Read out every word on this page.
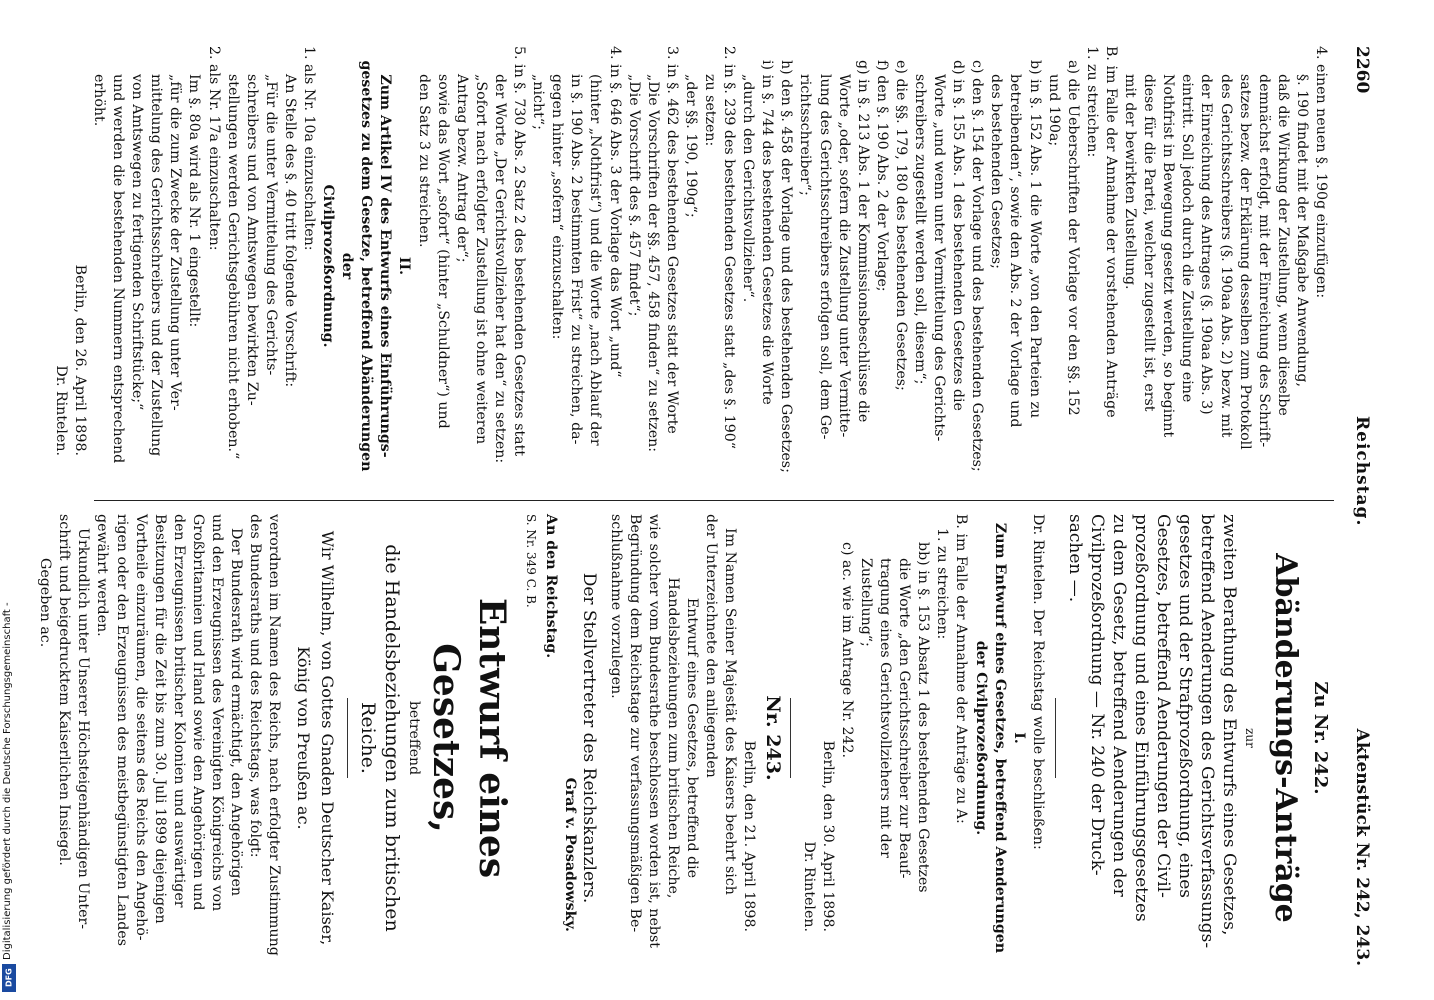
2260
Reichstag.
Aktenstück Nr. 242, 243.

4. einen neuen §. 190g einzufügen:

§. 190 findet mit der Maßgabe Anwendung,

daß die Wirkung der Zustellung, wenn dieselbe

demnächst erfolgt, mit der Einreichung des Schrift-

satzes bezw. der Erklärung desselben zum Protokoll

des Gerichtsschreibers (§. 190aa Abs. 2) bezw. mit

der Einreichung des Antrages (§. 190aa Abs. 3)

eintritt. Soll jedoch durch die Zustellung eine

Nothfrist in Bewegung gesetzt werden, so beginnt

diese für die Partei, welcher zugestellt ist, erst

mit der bewirkten Zustellung.

B. im Falle der Annahme der vorstehenden Anträge

1. zu streichen:

a) die Ueberschriften der Vorlage vor den §§. 152

und 190a;

b) in §. 152 Abs. 1 die Worte „von den Parteien zu

betreibenden“, sowie den Abs. 2 der Vorlage und

des bestehenden Gesetzes;

c) den §. 154 der Vorlage und des bestehenden Gesetzes;

d) in §. 155 Abs. 1 des bestehenden Gesetzes die

Worte „und wenn unter Vermittelung des Gerichts-

schreibers zugestellt werden soll, diesem“;

e) die §§. 179, 180 des bestehenden Gesetzes;

f) den §. 190 Abs. 2 der Vorlage;

g) in §. 213 Abs. 1 der Kommissionsbeschlüsse die

Worte „oder, sofern die Zustellung unter Vermitte-

lung des Gerichtsschreibers erfolgen soll, dem Ge-

richtsschreiber“;

h) den §. 458 der Vorlage und des bestehenden Gesetzes;

i) in §. 744 des bestehenden Gesetzes die Worte

„durch den Gerichtsvollzieher“.

2. in §. 239 des bestehenden Gesetzes statt „des §. 190“

zu setzen:

„der §§. 190, 190g“;

3. in §. 462 des bestehenden Gesetzes statt der Worte

„Die Vorschriften der §§. 457, 458 finden“ zu setzen:

„Die Vorschrift des §. 457 findet“;

4. in §. 646 Abs. 3 der Vorlage das Wort „und“

(hinter „Nothfrist“) und die Worte „nach Ablauf der

in §. 190 Abs. 2 bestimmten Frist“ zu streichen, da-

gegen hinter „sofern“ einzuschalten:

„nicht“;

5. in §. 730 Abs. 2 Satz 2 des bestehenden Gesetzes statt

der Worte „Der Gerichtsvollzieher hat den“ zu setzen:

„Sofort nach erfolgter Zustellung ist ohne weiteren

Antrag bezw. Antrag der“;

sowie das Wort „sofort“ (hinter „Schuldner“) und

den Satz 3 zu streichen.

II.

Zum Artikel IV des Entwurfs eines Einführungs-

gesetzes zu dem Gesetze, betreffend Abänderungen der

Civilprozeßordnung.

1. als Nr. 10a einzuschalten:

An Stelle des §. 40 tritt folgende Vorschrift:

„Für die unter Vermittelung des Gerichts-

schreibers und von Amtswegen bewirkten Zu-

stellungen werden Gerichtsgebühren nicht erhoben.“

2. als Nr. 17a einzuschalten:

Im §. 80a wird als Nr. 1 eingestellt:

„für die zum Zwecke der Zustellung unter Ver-

mittelung des Gerichtsschreibers und der Zustellung

von Amtswegen zu fertigenden Schriftstücke;“

und werden die bestehenden Nummern entsprechend

erhöht.

Berlin, den 26. April 1898.

Dr. Rintelen.

Zu Nr. 242.
Abänderungs-Anträge
zur

zweiten Berathung des Entwurfs eines Gesetzes,

betreffend Aenderungen des Gerichtsverfassungs-

gesetzes und der Strafprozeßordnung, eines

Gesetzes, betreffend Aenderungen der Civil-

prozeßordnung und eines Einführungsgesetzes

zu dem Gesetz, betreffend Aenderungen der

Civilprozeßordnung — Nr. 240 der Druck-

sachen —.

Dr. Rintelen. Der Reichstag wolle beschließen:

I.

Zum Entwurf eines Gesetzes, betreffend Aenderungen

der Civilprozeßordnung.

B. im Falle der Annahme der Anträge zu A:

1. zu streichen:

bb) in §. 153 Absatz 1 des bestehenden Gesetzes

die Worte „den Gerichtsschreiber zur Beauf-

tragung eines Gerichtsvollziehers mit der

Zustellung“;

c) ac. wie im Antrage Nr. 242.

Berlin, den 30. April 1898.

Dr. Rintelen.

Nr. 243.
Berlin, den 21. April 1898.

Im Namen Seiner Majestät des Kaisers beehrt sich

der Unterzeichnete den anliegenden

Entwurf eines Gesetzes, betreffend die

Handelsbeziehungen zum britischen Reiche,

wie solcher vom Bundesrathe beschlossen worden ist, nebst

Begründung dem Reichstage zur verfassungsmäßigen Be-

schlußnahme vorzulegen.

Der Stellvertreter des Reichskanzlers.
Graf v. Posadowsky.
An den Reichstag.
S. Nr. 349 C. B.
Entwurf eines Gesetzes,
betreffend
die Handelsbeziehungen zum britischen Reiche.

Wir Wilhelm, von Gottes Gnaden Deutscher Kaiser,

König von Preußen ac.

verordnen im Namen des Reichs, nach erfolgter Zustimmung

des Bundesraths und des Reichstags, was folgt:

Der Bundesrath wird ermächtigt, den Angehörigen

und den Erzeugnissen des Vereinigten Königreichs von

Großbritannien und Irland sowie den Angehörigen und

den Erzeugnissen britischer Kolonien und auswärtiger

Besitzungen für die Zeit bis zum 30. Juli 1899 diejenigen

Vortheile einzuräumen, die seitens des Reichs den Angehö-

rigen oder den Erzeugnissen des meistbegünstigten Landes

gewährt werden.

Urkundlich unter Unserer Höchsteigenhändigen Unter-

schrift und beigedrucktem Kaiserlichen Insiegel.

Gegeben ac.

Digitalisierung gefördert durch die Deutsche Forschungsgemeinschaft -
DFG
